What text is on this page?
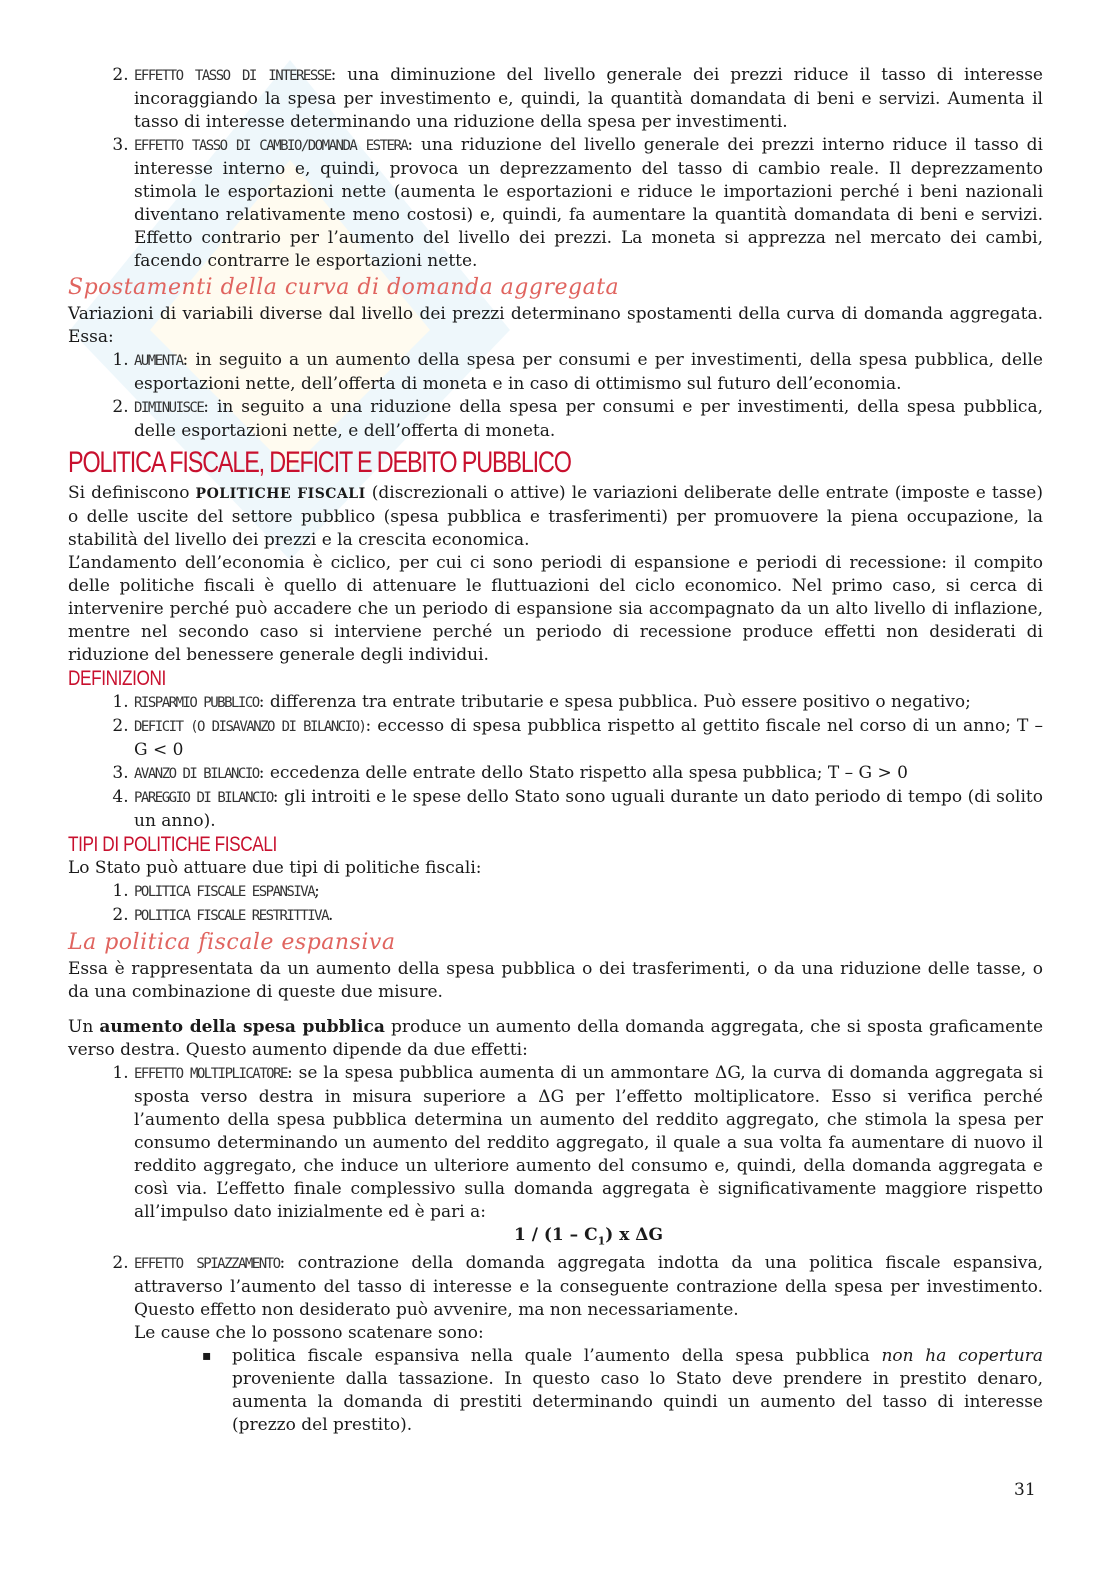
2. EFFETTO TASSO DI INTERESSE: una diminuzione del livello generale dei prezzi riduce il tasso di interesse incoraggiando la spesa per investimento e, quindi, la quantità domandata di beni e servizi. Aumenta il tasso di interesse determinando una riduzione della spesa per investimenti.
3. EFFETTO TASSO DI CAMBIO/DOMANDA ESTERA: una riduzione del livello generale dei prezzi interno riduce il tasso di interesse interno e, quindi, provoca un deprezzamento del tasso di cambio reale. Il deprezzamento stimola le esportazioni nette (aumenta le esportazioni e riduce le importazioni perché i beni nazionali diventano relativamente meno costosi) e, quindi, fa aumentare la quantità domandata di beni e servizi. Effetto contrario per l’aumento del livello dei prezzi. La moneta si apprezza nel mercato dei cambi, facendo contrarre le esportazioni nette.
Spostamenti della curva di domanda aggregata

Variazioni di variabili diverse dal livello dei prezzi determinano spostamenti della curva di domanda aggregata. Essa:

1. AUMENTA: in seguito a un aumento della spesa per consumi e per investimenti, della spesa pubblica, delle esportazioni nette, dell’offerta di moneta e in caso di ottimismo sul futuro dell’economia.
2. DIMINUISCE: in seguito a una riduzione della spesa per consumi e per investimenti, della spesa pubblica, delle esportazioni nette, e dell’offerta di moneta.
POLITICA FISCALE, DEFICIT E DEBITO PUBBLICO

Si definiscono POLITICHE FISCALI (discrezionali o attive) le variazioni deliberate delle entrate (imposte e tasse) o delle uscite del settore pubblico (spesa pubblica e trasferimenti) per promuovere la piena occupazione, la stabilità del livello dei prezzi e la crescita economica.

L’andamento dell’economia è ciclico, per cui ci sono periodi di espansione e periodi di recessione: il compito delle politiche fiscali è quello di attenuare le fluttuazioni del ciclo economico. Nel primo caso, si cerca di intervenire perché può accadere che un periodo di espansione sia accompagnato da un alto livello di inflazione, mentre nel secondo caso si interviene perché un periodo di recessione produce effetti non desiderati di riduzione del benessere generale degli individui.

DEFINIZIONI
1. RISPARMIO PUBBLICO: differenza tra entrate tributarie e spesa pubblica. Può essere positivo o negativo;
2. DEFICIT (O DISAVANZO DI BILANCIO): eccesso di spesa pubblica rispetto al gettito fiscale nel corso di un anno; T – G < 0
3. AVANZO DI BILANCIO: eccedenza delle entrate dello Stato rispetto alla spesa pubblica; T – G > 0
4. PAREGGIO DI BILANCIO: gli introiti e le spese dello Stato sono uguali durante un dato periodo di tempo (di solito un anno).
TIPI DI POLITICHE FISCALI

Lo Stato può attuare due tipi di politiche fiscali:

1. POLITICA FISCALE ESPANSIVA;
2. POLITICA FISCALE RESTRITTIVA.
La politica fiscale espansiva

Essa è rappresentata da un aumento della spesa pubblica o dei trasferimenti, o da una riduzione delle tasse, o da una combinazione di queste due misure.

Un aumento della spesa pubblica produce un aumento della domanda aggregata, che si sposta graficamente verso destra. Questo aumento dipende da due effetti:

1. EFFETTO MOLTIPLICATORE: se la spesa pubblica aumenta di un ammontare ΔG, la curva di domanda aggregata si sposta verso destra in misura superiore a ΔG per l’effetto moltiplicatore. Esso si verifica perché l’aumento della spesa pubblica determina un aumento del reddito aggregato, che stimola la spesa per consumo determinando un aumento del reddito aggregato, il quale a sua volta fa aumentare di nuovo il reddito aggregato, che induce un ulteriore aumento del consumo e, quindi, della domanda aggregata e così via. L’effetto finale complessivo sulla domanda aggregata è significativamente maggiore rispetto all’impulso dato inizialmente ed è pari a:
$1 / (1 - C_1)$ x ΔG
2. EFFETTO SPIAZZAMENTO: contrazione della domanda aggregata indotta da una politica fiscale espansiva, attraverso l’aumento del tasso di interesse e la conseguente contrazione della spesa per investimento. Questo effetto non desiderato può avvenire, ma non necessariamente.
Le cause che lo possono scatenare sono:
▪ politica fiscale espansiva nella quale l’aumento della spesa pubblica non ha copertura proveniente dalla tassazione. In questo caso lo Stato deve prendere in prestito denaro, aumenta la domanda di prestiti determinando quindi un aumento del tasso di interesse (prezzo del prestito).
31
